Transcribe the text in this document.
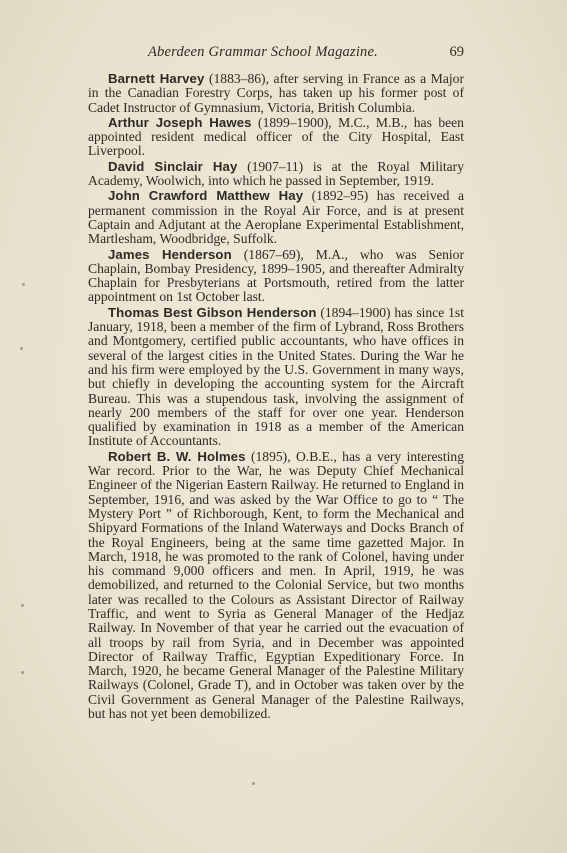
Aberdeen Grammar School Magazine.	69

Barnett Harvey (1883–86), after serving in France as a Major in the Canadian Forestry Corps, has taken up his former post of Cadet Instructor of Gymnasium, Victoria, British Columbia.

Arthur Joseph Hawes (1899–1900), M.C., M.B., has been appointed resident medical officer of the City Hospital, East Liverpool.

David Sinclair Hay (1907–11) is at the Royal Military Academy, Woolwich, into which he passed in September, 1919.

John Crawford Matthew Hay (1892–95) has received a permanent commission in the Royal Air Force, and is at present Captain and Adjutant at the Aeroplane Experimental Establishment, Martlesham, Woodbridge, Suffolk.

James Henderson (1867–69), M.A., who was Senior Chaplain, Bombay Presidency, 1899–1905, and thereafter Admiralty Chaplain for Presbyterians at Portsmouth, retired from the latter appointment on 1st October last.

Thomas Best Gibson Henderson (1894–1900) has since 1st January, 1918, been a member of the firm of Lybrand, Ross Brothers and Montgomery, certified public accountants, who have offices in several of the largest cities in the United States. During the War he and his firm were employed by the U.S. Government in many ways, but chiefly in developing the accounting system for the Aircraft Bureau. This was a stupendous task, involving the assignment of nearly 200 members of the staff for over one year. Henderson qualified by examination in 1918 as a member of the American Institute of Accountants.

Robert B. W. Holmes (1895), O.B.E., has a very interesting War record. Prior to the War, he was Deputy Chief Mechanical Engineer of the Nigerian Eastern Railway. He returned to England in September, 1916, and was asked by the War Office to go to “ The Mystery Port ” of Richborough, Kent, to form the Mechanical and Shipyard Formations of the Inland Waterways and Docks Branch of the Royal Engineers, being at the same time gazetted Major. In March, 1918, he was promoted to the rank of Colonel, having under his command 9,000 officers and men. In April, 1919, he was demobilized, and returned to the Colonial Service, but two months later was recalled to the Colours as Assistant Director of Railway Traffic, and went to Syria as General Manager of the Hedjaz Railway. In November of that year he carried out the evacuation of all troops by rail from Syria, and in December was appointed Director of Railway Traffic, Egyptian Expeditionary Force. In March, 1920, he became General Manager of the Palestine Military Railways (Colonel, Grade T), and in October was taken over by the Civil Government as General Manager of the Palestine Railways, but has not yet been demobilized.
